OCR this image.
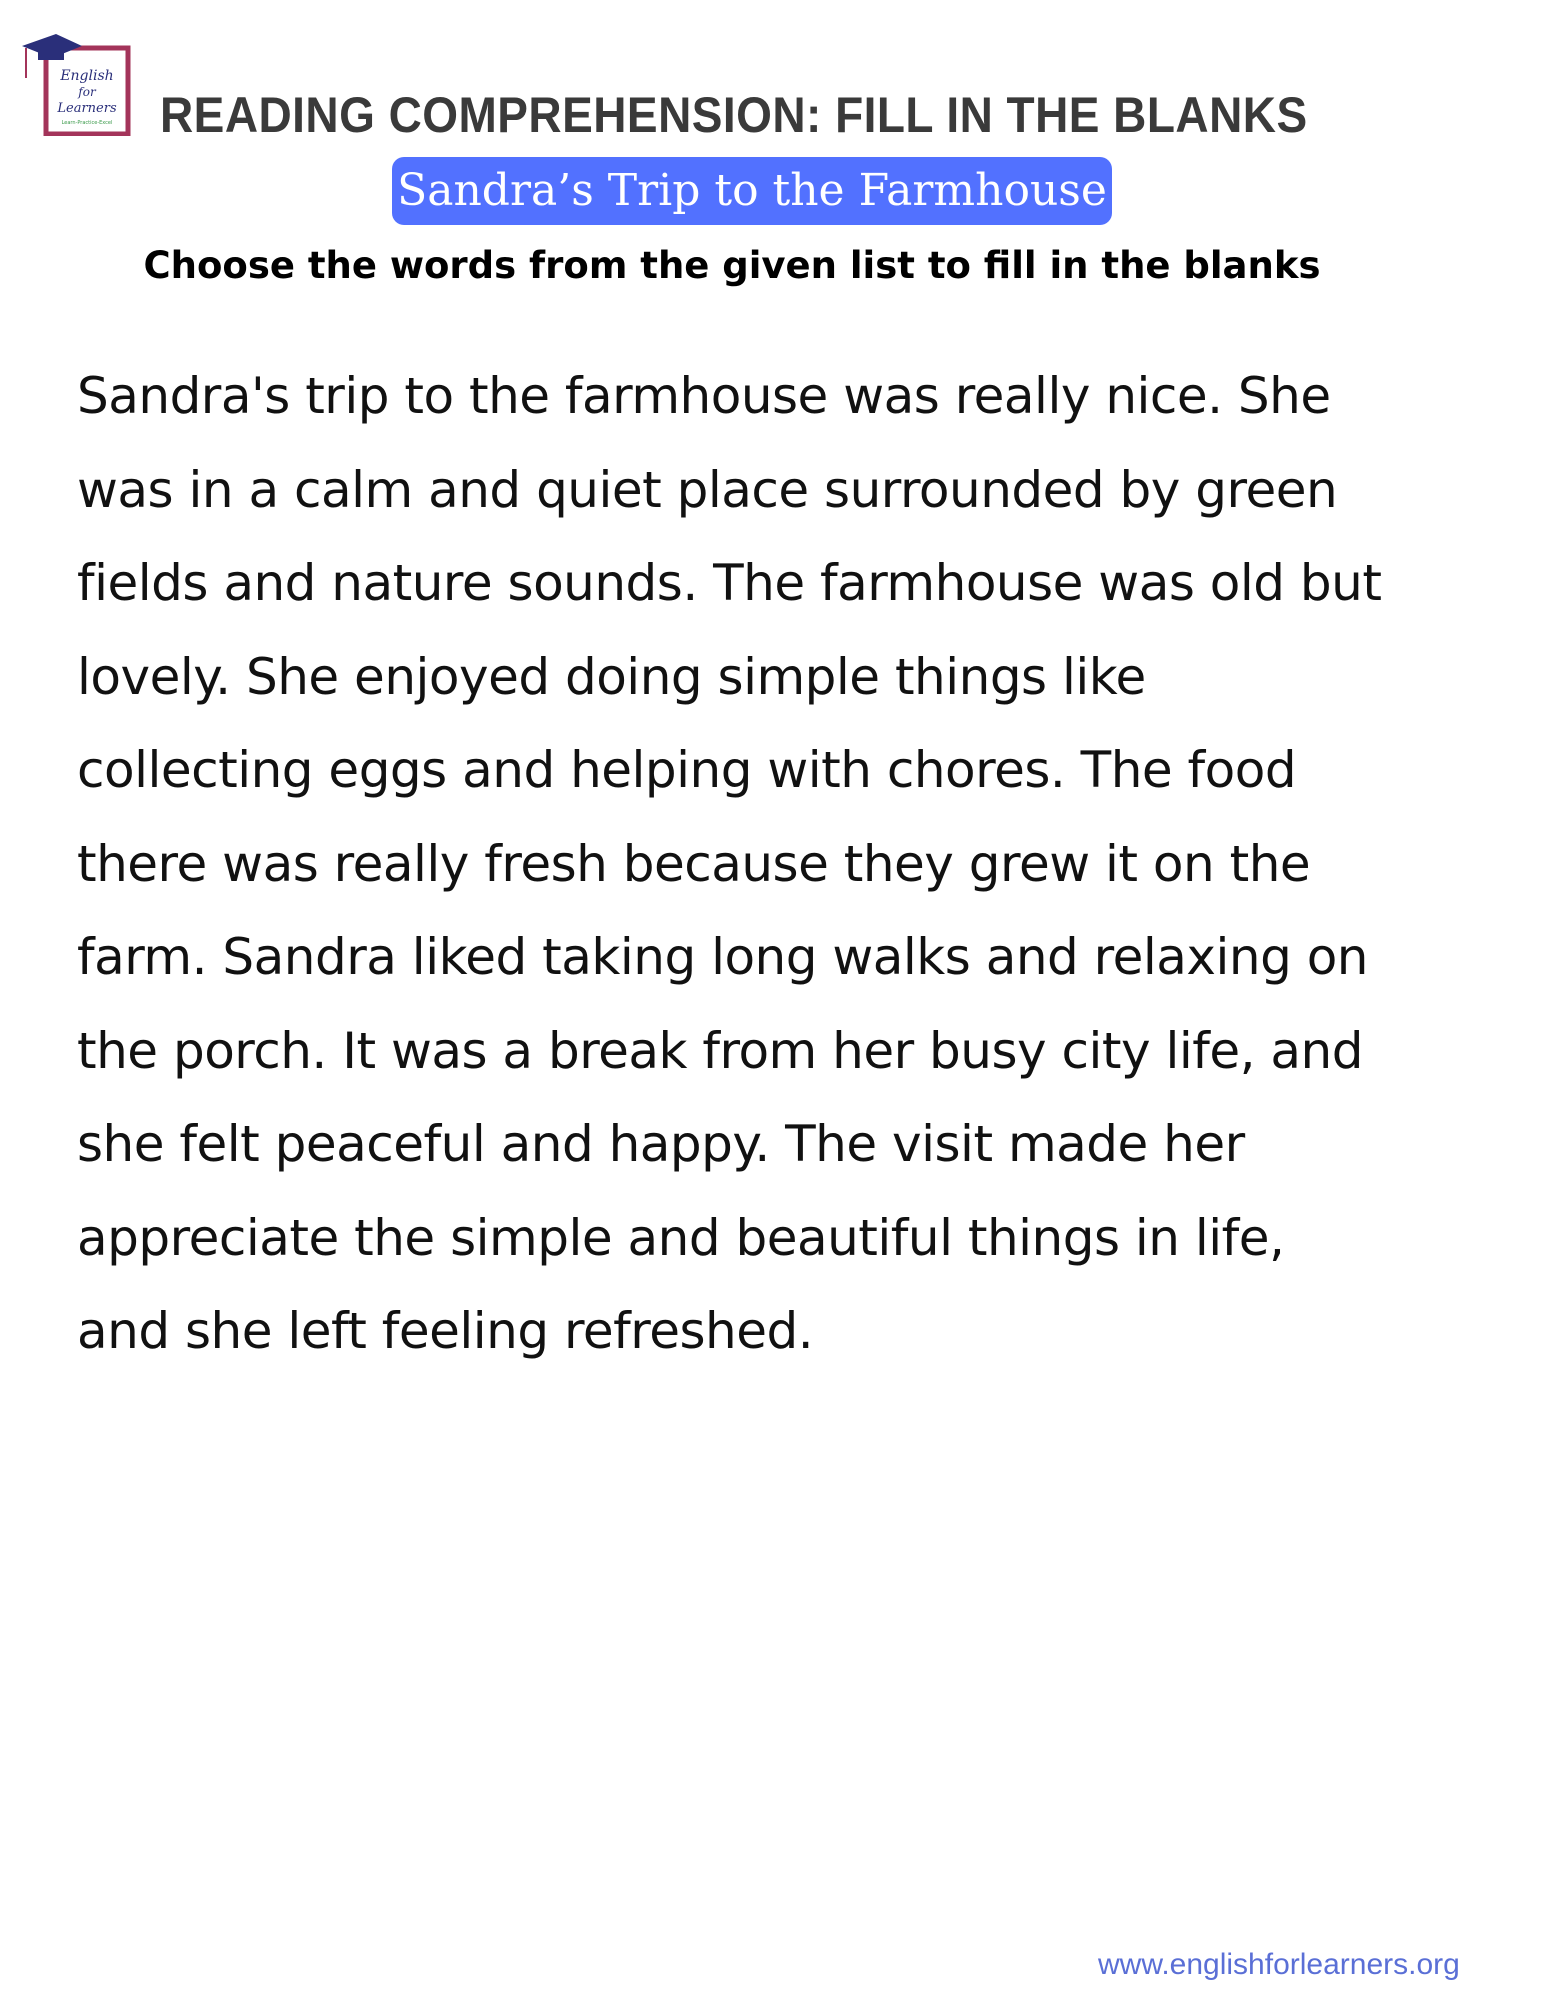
English
for
Learners
Learn-Practice-Excel READING COMPREHENSION: FILL IN THE BLANKS
Sandra’s Trip to the Farmhouse
Choose the words from the given list to fill in the blanks
Sandra's trip to the farmhouse was really nice. She
was in a calm and quiet place surrounded by green
fields and nature sounds. The farmhouse was old but
lovely. She enjoyed doing simple things like
collecting eggs and helping with chores. The food
there was really fresh because they grew it on the
farm. Sandra liked taking long walks and relaxing on
the porch. It was a break from her busy city life, and
she felt peaceful and happy. The visit made her
appreciate the simple and beautiful things in life,
and she left feeling refreshed.
www.englishforlearners.org
